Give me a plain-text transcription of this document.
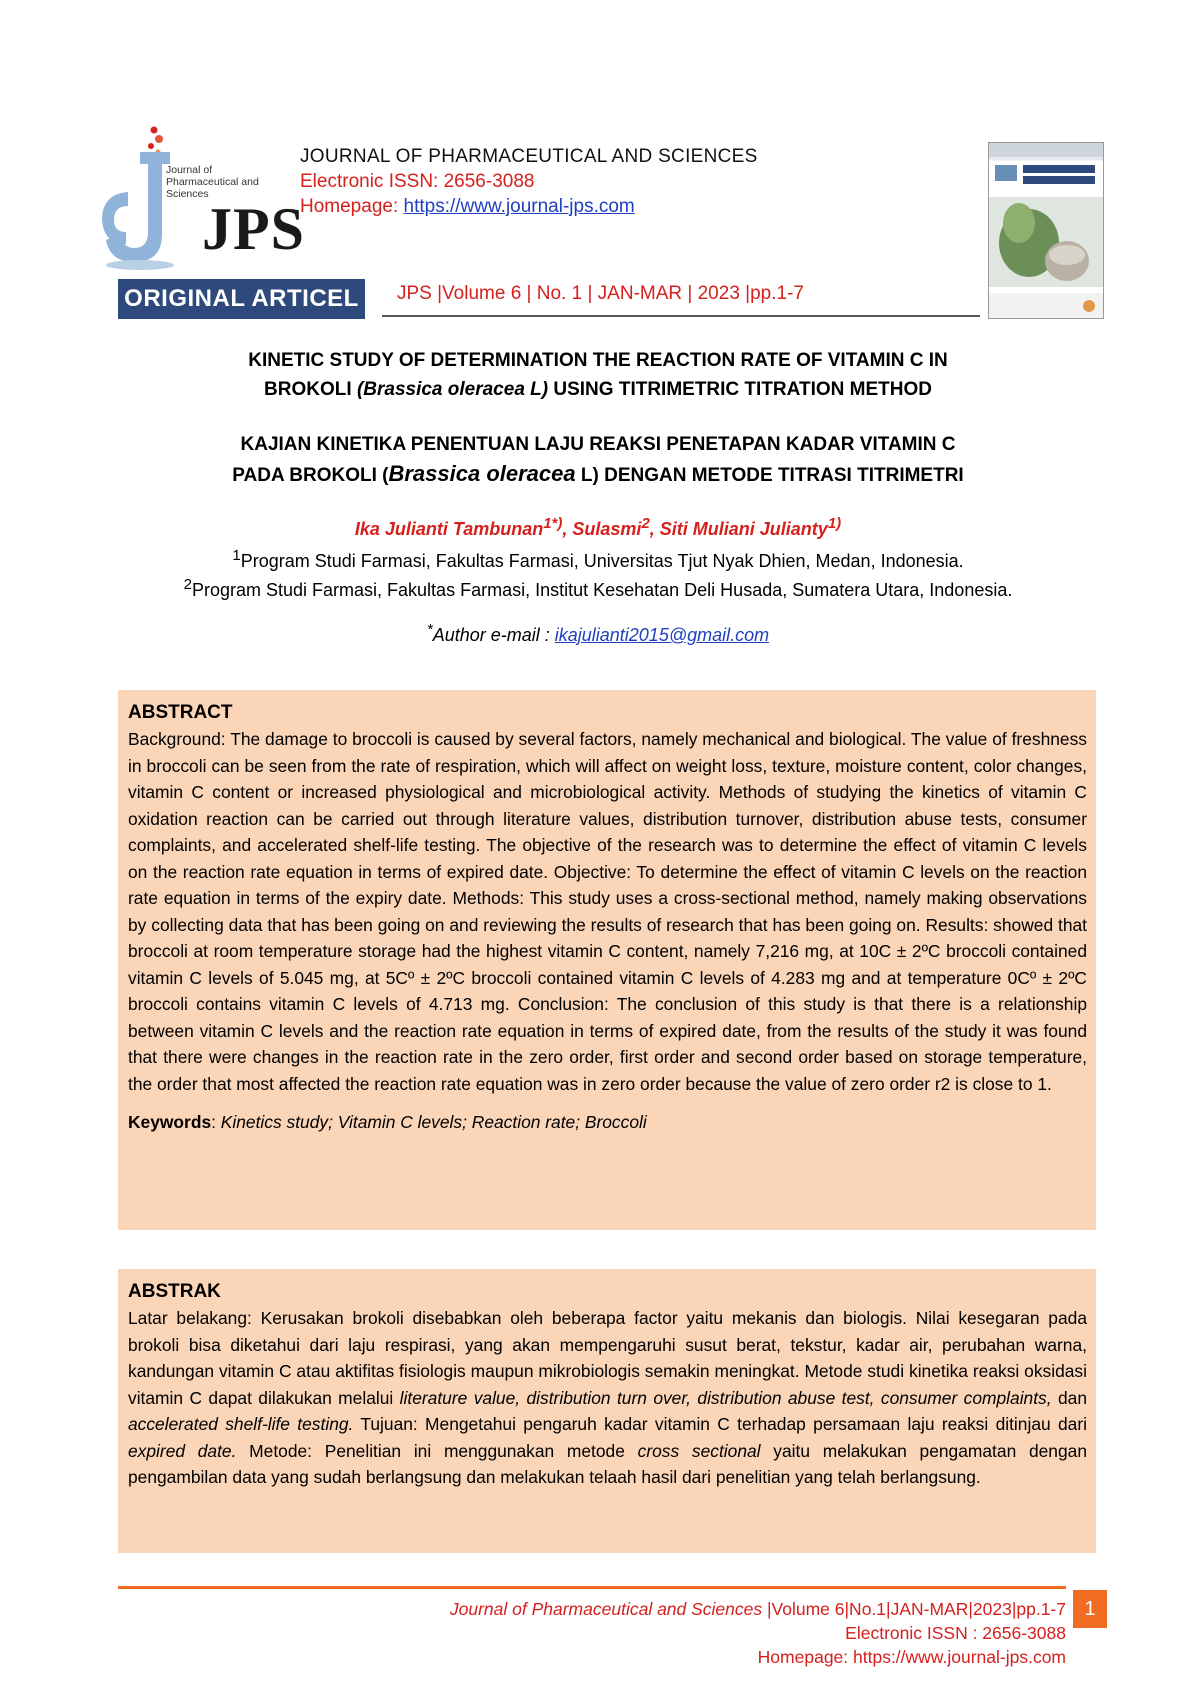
Journal of Pharmaceutical and Sciences
JPS
JOURNAL OF PHARMACEUTICAL AND SCIENCES
Electronic ISSN: 2656-3088
Homepage: https://www.journal-jps.com
ORIGINAL ARTICEL	JPS |Volume 6 | No. 1 | JAN-MAR | 2023 |pp.1-7
KINETIC STUDY OF DETERMINATION THE REACTION RATE OF VITAMIN C IN
BROKOLI (Brassica oleracea L) USING TITRIMETRIC TITRATION METHOD
KAJIAN KINETIKA PENENTUAN LAJU REAKSI PENETAPAN KADAR VITAMIN C
PADA BROKOLI (Brassica oleracea L) DENGAN METODE TITRASI TITRIMETRI
Ika Julianti Tambunan$^{1*)}$, Sulasmi$^2$, Siti Muliani Julianty$^{1)}$
$^1$Program Studi Farmasi, Fakultas Farmasi, Universitas Tjut Nyak Dhien, Medan, Indonesia.
$^2$Program Studi Farmasi, Fakultas Farmasi, Institut Kesehatan Deli Husada, Sumatera Utara, Indonesia.
*Author e-mail : ikajulianti2015@gmail.com
ABSTRACT

Background: The damage to broccoli is caused by several factors, namely mechanical and biological. The value of freshness in broccoli can be seen from the rate of respiration, which will affect on weight loss, texture, moisture content, color changes, vitamin C content or increased physiological and microbiological activity. Methods of studying the kinetics of vitamin C oxidation reaction can be carried out through literature values, distribution turnover, distribution abuse tests, consumer complaints, and accelerated shelf-life testing. The objective of the research was to determine the effect of vitamin C levels on the reaction rate equation in terms of expired date. Objective: To determine the effect of vitamin C levels on the reaction rate equation in terms of the expiry date. Methods: This study uses a cross-sectional method, namely making observations by collecting data that has been going on and reviewing the results of research that has been going on. Results: showed that broccoli at room temperature storage had the highest vitamin C content, namely 7,216 mg, at 10C ± 2ºC broccoli contained vitamin C levels of 5.045 mg, at 5Cº ± 2ºC broccoli contained vitamin C levels of 4.283 mg and at temperature 0Cº ± 2ºC broccoli contains vitamin C levels of 4.713 mg. Conclusion: The conclusion of this study is that there is a relationship between vitamin C levels and the reaction rate equation in terms of expired date, from the results of the study it was found that there were changes in the reaction rate in the zero order, first order and second order based on storage temperature, the order that most affected the reaction rate equation was in zero order because the value of zero order r2 is close to 1.

Keywords: Kinetics study; Vitamin C levels; Reaction rate; Broccoli

ABSTRAK

Latar belakang: Kerusakan brokoli disebabkan oleh beberapa factor yaitu mekanis dan biologis. Nilai kesegaran pada brokoli bisa diketahui dari laju respirasi, yang akan mempengaruhi susut berat, tekstur, kadar air, perubahan warna, kandungan vitamin C atau aktifitas fisiologis maupun mikrobiologis semakin meningkat. Metode studi kinetika reaksi oksidasi vitamin C dapat dilakukan melalui literature value, distribution turn over, distribution abuse test, consumer complaints, dan accelerated shelf-life testing. Tujuan: Mengetahui pengaruh kadar vitamin C terhadap persamaan laju reaksi ditinjau dari expired date. Metode: Penelitian ini menggunakan metode cross sectional yaitu melakukan pengamatan dengan pengambilan data yang sudah berlangsung dan melakukan telaah hasil dari penelitian yang telah berlangsung.

Journal of Pharmaceutical and Sciences |Volume 6|No.1|JAN-MAR|2023|pp.1-7
Electronic ISSN : 2656-3088
Homepage: https://www.journal-jps.com
1
